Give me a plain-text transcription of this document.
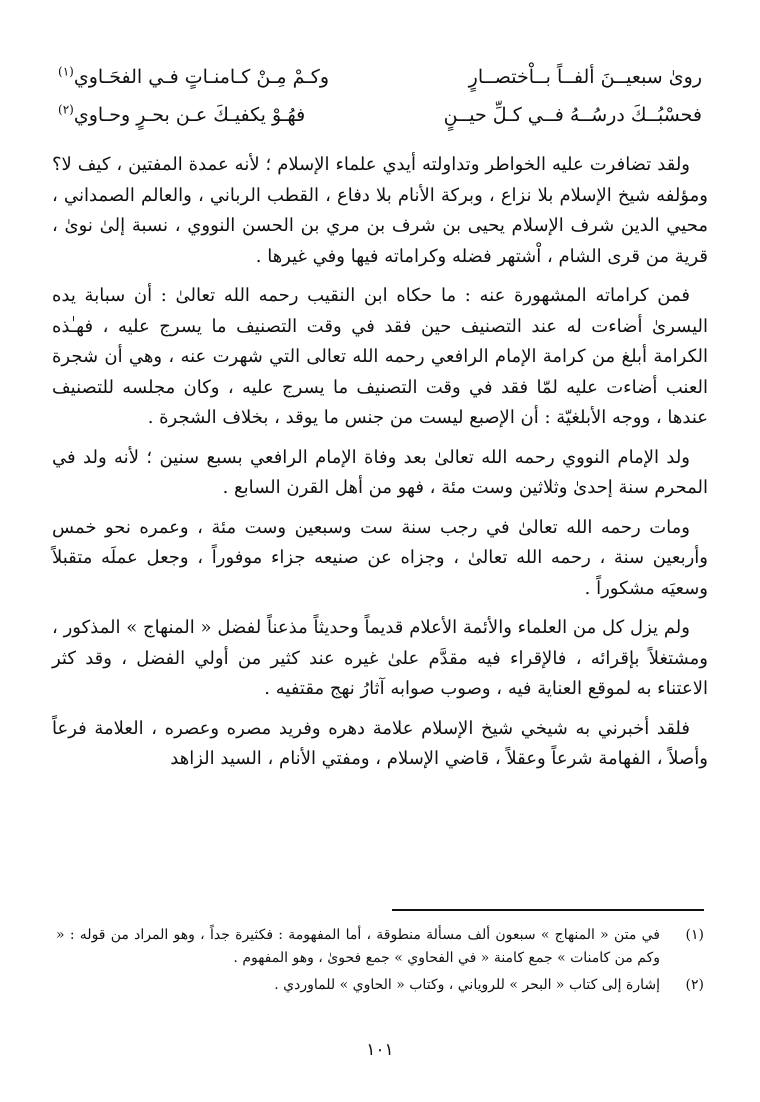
رویٰ سبعيــنَ ألفــاً بــاْختصــارٍ
وكـمْ مِـنْ كـامنـاتٍ فـي الفحَـاوي$^{(١)}$
فحسْبُــكَ درسُــهُ فــي كـلِّ حيــنٍ
فهُـوْ يكفيـكَ عـن بحـرٍ وحـاوي$^{(٢)}$

ولقد تضافرت عليه الخواطر وتداولته أيدي علماء الإسلام ؛ لأنه عمدة المفتين ، كيف لا؟ ومؤلفه شيخ الإسلام بلا نزاع ، وبركة الأنام بلا دفاع ، القطب الرباني ، والعالم الصمداني ، محيي الدين شرف الإسلام يحيى بن شرف بن مري بن الحسن النووي ، نسبة إلىٰ نوىٰ ، قرية من قرى الشام ، اْشتهر فضله وكراماته فيها وفي غيرها .

فمن كراماته المشهورة عنه : ما حكاه ابن النقيب رحمه الله تعالىٰ : أن سبابة يده اليسرىٰ أضاءت له عند التصنيف حين فقد في وقت التصنيف ما يسرج عليه ، فهـٰذه الكرامة أبلغ من كرامة الإمام الرافعي رحمه الله تعالى التي شهرت عنه ، وهي أن شجرة العنب أضاءت عليه لمّا فقد في وقت التصنيف ما يسرج عليه ، وكان مجلسه للتصنيف عندها ، ووجه الأبلغيّة : أن الإصبع ليست من جنس ما يوقد ، بخلاف الشجرة .

ولد الإمام النووي رحمه الله تعالىٰ بعد وفاة الإمام الرافعي بسبع سنين ؛ لأنه ولد في المحرم سنة إحدىٰ وثلاثين وست مئة ، فهو من أهل القرن السابع .

ومات رحمه الله تعالىٰ في رجب سنة ست وسبعين وست مئة ، وعمره نحو خمس وأربعين سنة ، رحمه الله تعالىٰ ، وجزاه عن صنيعه جزاء موفوراً ، وجعل عملَه متقبلاً وسعيَه مشكوراً .

ولم يزل كل من العلماء والأئمة الأعلام قديماً وحديثاً مذعناً لفضل « المنهاج » المذكور ، ومشتغلاً بإقرائه ، فالإقراء فيه مقدَّم علىٰ غيره عند كثير من أولي الفضل ، وقد كثر الاعتناء به لموقع العناية فيه ، وصوب صوابه آثارُ نهج مقتفيه .

فلقد أخبرني به شيخي شيخ الإسلام علامة دهره وفريد مصره وعصره ، العلامة فرعاً وأصلاً ، الفهامة شرعاً وعقلاً ، قاضي الإسلام ، ومفتي الأنام ، السيد الزاهد

(١)
في متن « المنهاج » سبعون ألف مسألة منطوقة ، أما المفهومة : فكثيرة جداً ، وهو المراد من قوله : « وكم من كامنات » جمع كامنة « في الفحاوي » جمع فحوىٰ ، وهو المفهوم .
(٢)
إشارة إلى كتاب « البحر » للروياني ، وكتاب « الحاوي » للماوردي .
١٠١
